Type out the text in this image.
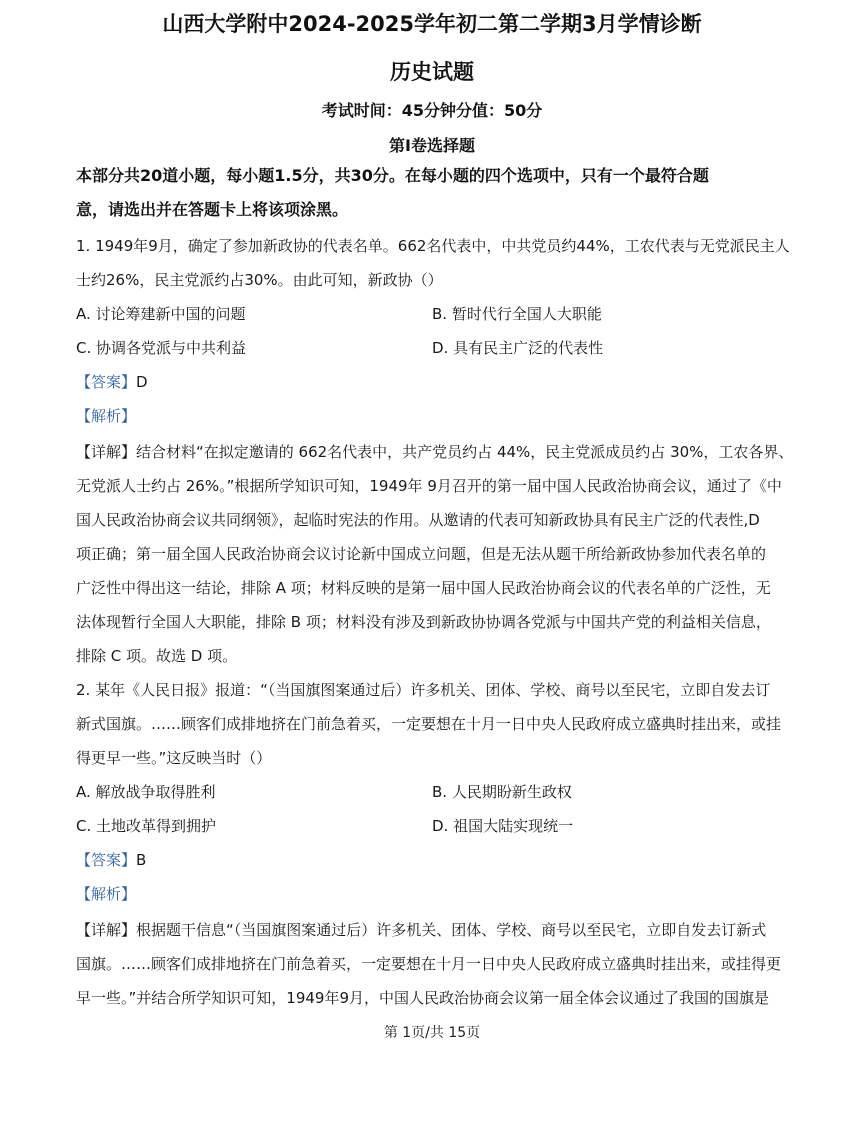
山西大学附中2024-2025学年初二第二学期3月学情诊断
历史试题
考试时间：45分钟分值：50分
第Ⅰ卷选择题
本部分共20道小题，每小题1.5分，共30分。在每小题的四个选项中，只有一个最符合题
意，请选出并在答题卡上将该项涂黑。
1. 1949年9月，确定了参加新政协的代表名单。662名代表中，中共党员约44%，工农代表与无党派民主人
士约26%，民主党派约占30%。由此可知，新政协（）
A. 讨论筹建新中国的问题	B. 暂时代行全国人大职能
C. 协调各党派与中共利益	D. 具有民主广泛的代表性
【答案】D
【解析】
【详解】结合材料“在拟定邀请的 662名代表中，共产党员约占 44%，民主党派成员约占 30%，工农各界、
无党派人士约占 26%。”根据所学知识可知，1949年 9月召开的第一届中国人民政治协商会议，通过了《中
国人民政治协商会议共同纲领》，起临时宪法的作用。从邀请的代表可知新政协具有民主广泛的代表性,D
项正确；第一届全国人民政治协商会议讨论新中国成立问题，但是无法从题干所给新政协参加代表名单的
广泛性中得出这一结论，排除 A 项；材料反映的是第一届中国人民政治协商会议的代表名单的广泛性，无
法体现暂行全国人大职能，排除 B 项；材料没有涉及到新政协协调各党派与中国共产党的利益相关信息，
排除 C 项。故选 D 项。
2. 某年《人民日报》报道：“（当国旗图案通过后）许多机关、团体、学校、商号以至民宅，立即自发去订
新式国旗。……顾客们成排地挤在门前急着买，一定要想在十月一日中央人民政府成立盛典时挂出来，或挂
得更早一些。”这反映当时（）
A. 解放战争取得胜利	B. 人民期盼新生政权
C. 土地改革得到拥护	D. 祖国大陆实现统一
【答案】B
【解析】
【详解】根据题干信息“（当国旗图案通过后）许多机关、团体、学校、商号以至民宅，立即自发去订新式
国旗。……顾客们成排地挤在门前急着买，一定要想在十月一日中央人民政府成立盛典时挂出来，或挂得更
早一些。”并结合所学知识可知，1949年9月，中国人民政治协商会议第一届全体会议通过了我国的国旗是
第 1页/共 15页
